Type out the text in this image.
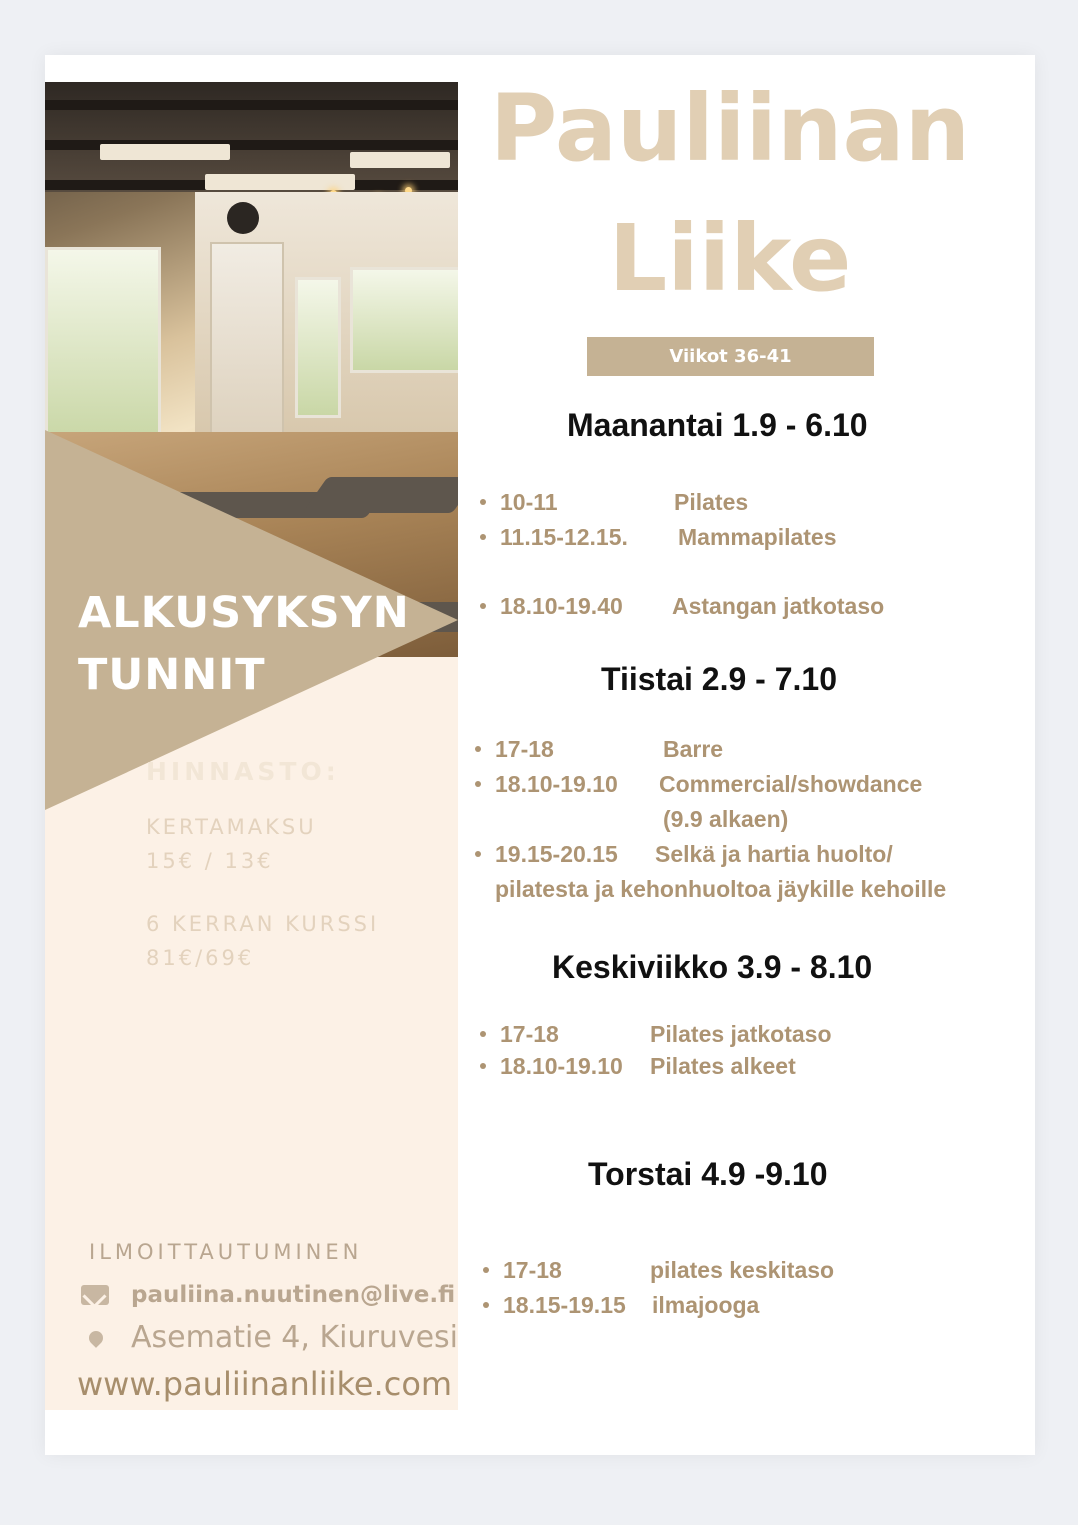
ALKUSYKSYN
TUNNIT
HINNASTO:
KERTAMAKSU
15€ / 13€
6 KERRAN KURSSI
81€/69€
ILMOITTAUTUMINEN
pauliina.nuutinen@live.fi
Asematie 4, Kiuruvesi
www.pauliinanliike.com
Pauliinan
Liike
Viikot 36-41
Maanantai 1.9 - 6.10
10-11	Pilates
11.15-12.15. Mammapilates
18.10-19.40 Astangan jatkotaso
Tiistai 2.9 - 7.10
17-18	Barre
18.10-19.10 Commercial/showdance
(9.9 alkaen)
19.15-20.15 Selkä ja hartia huolto/
pilatesta ja kehonhuoltoa jäykille kehoille
Keskiviikko 3.9 - 8.10
17-18	Pilates jatkotaso
18.10-19.10 Pilates alkeet
Torstai 4.9 -9.10
17-18	pilates keskitaso
18.15-19.15 ilmajooga
